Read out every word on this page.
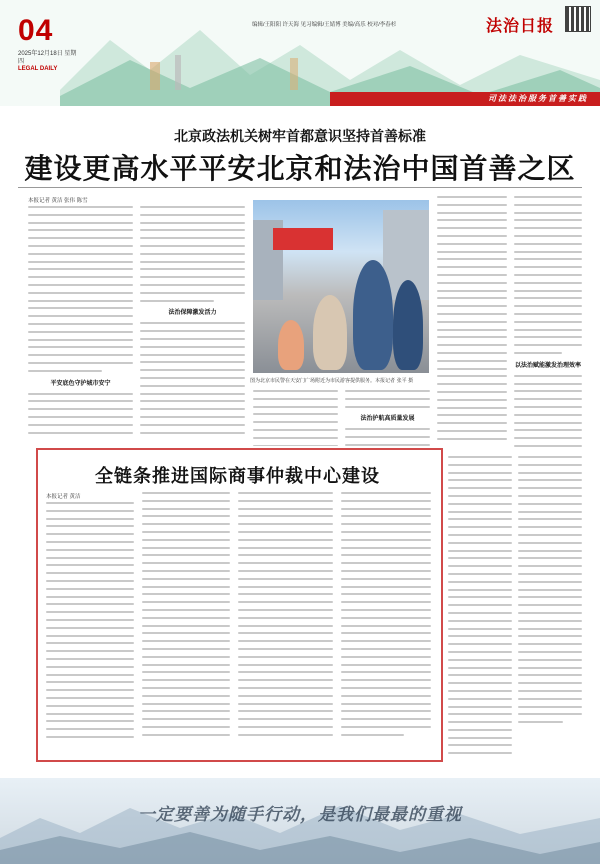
04
2025年12月18日 星期四
LEGAL DAILY
编辑/王阳阳 许天海 见习编辑/王婧博 美编/高乐 校对/李春杉	法治日报
司法法治服务首善实践
北京政法机关树牢首都意识坚持首善标准
建设更高水平平安北京和法治中国首善之区
本报记者 黄洁 张伟 陈雪
平安底色守护城市安宁
法治保障激发活力
以法治赋能激发治理效率
图为北京市民警在天安门广场附近为市民游客提供服务。本报记者 张平 摄
法治护航高质量发展
全链条推进国际商事仲裁中心建设
本报记者 黄洁
一定要善为随手行动，是我们最最的重视
